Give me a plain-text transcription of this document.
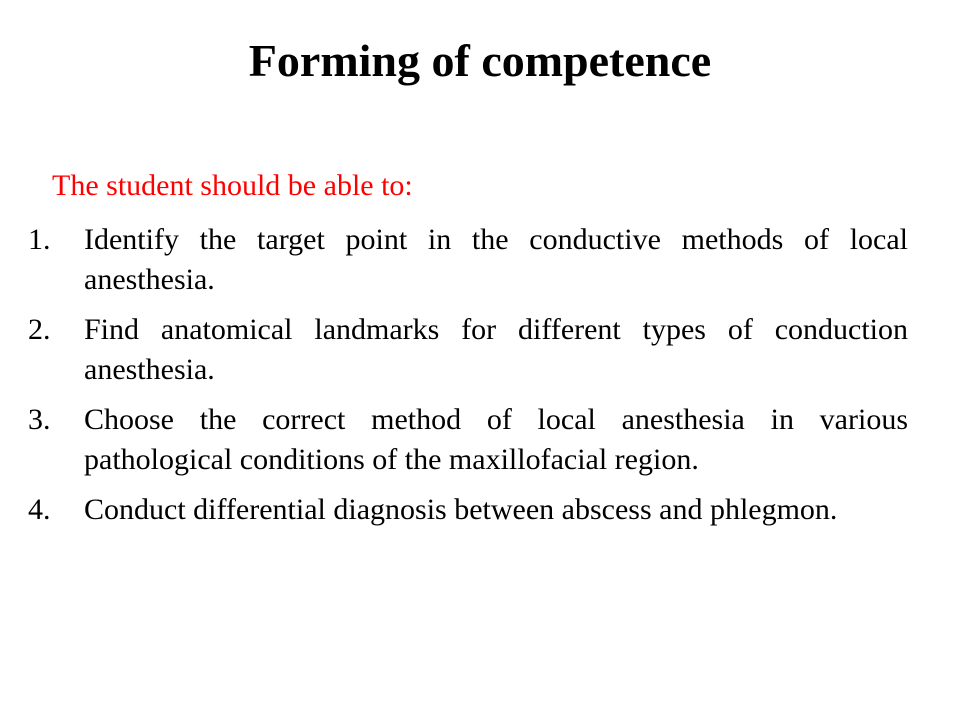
Forming of competence

The student should be able to:

1. Identify the target point in the conductive methods of local anesthesia.
2. Find anatomical landmarks for different types of conduction anesthesia.
3. Choose the correct method of local anesthesia in various pathological conditions of the maxillofacial region.
4. Conduct differential diagnosis between abscess and phlegmon.
